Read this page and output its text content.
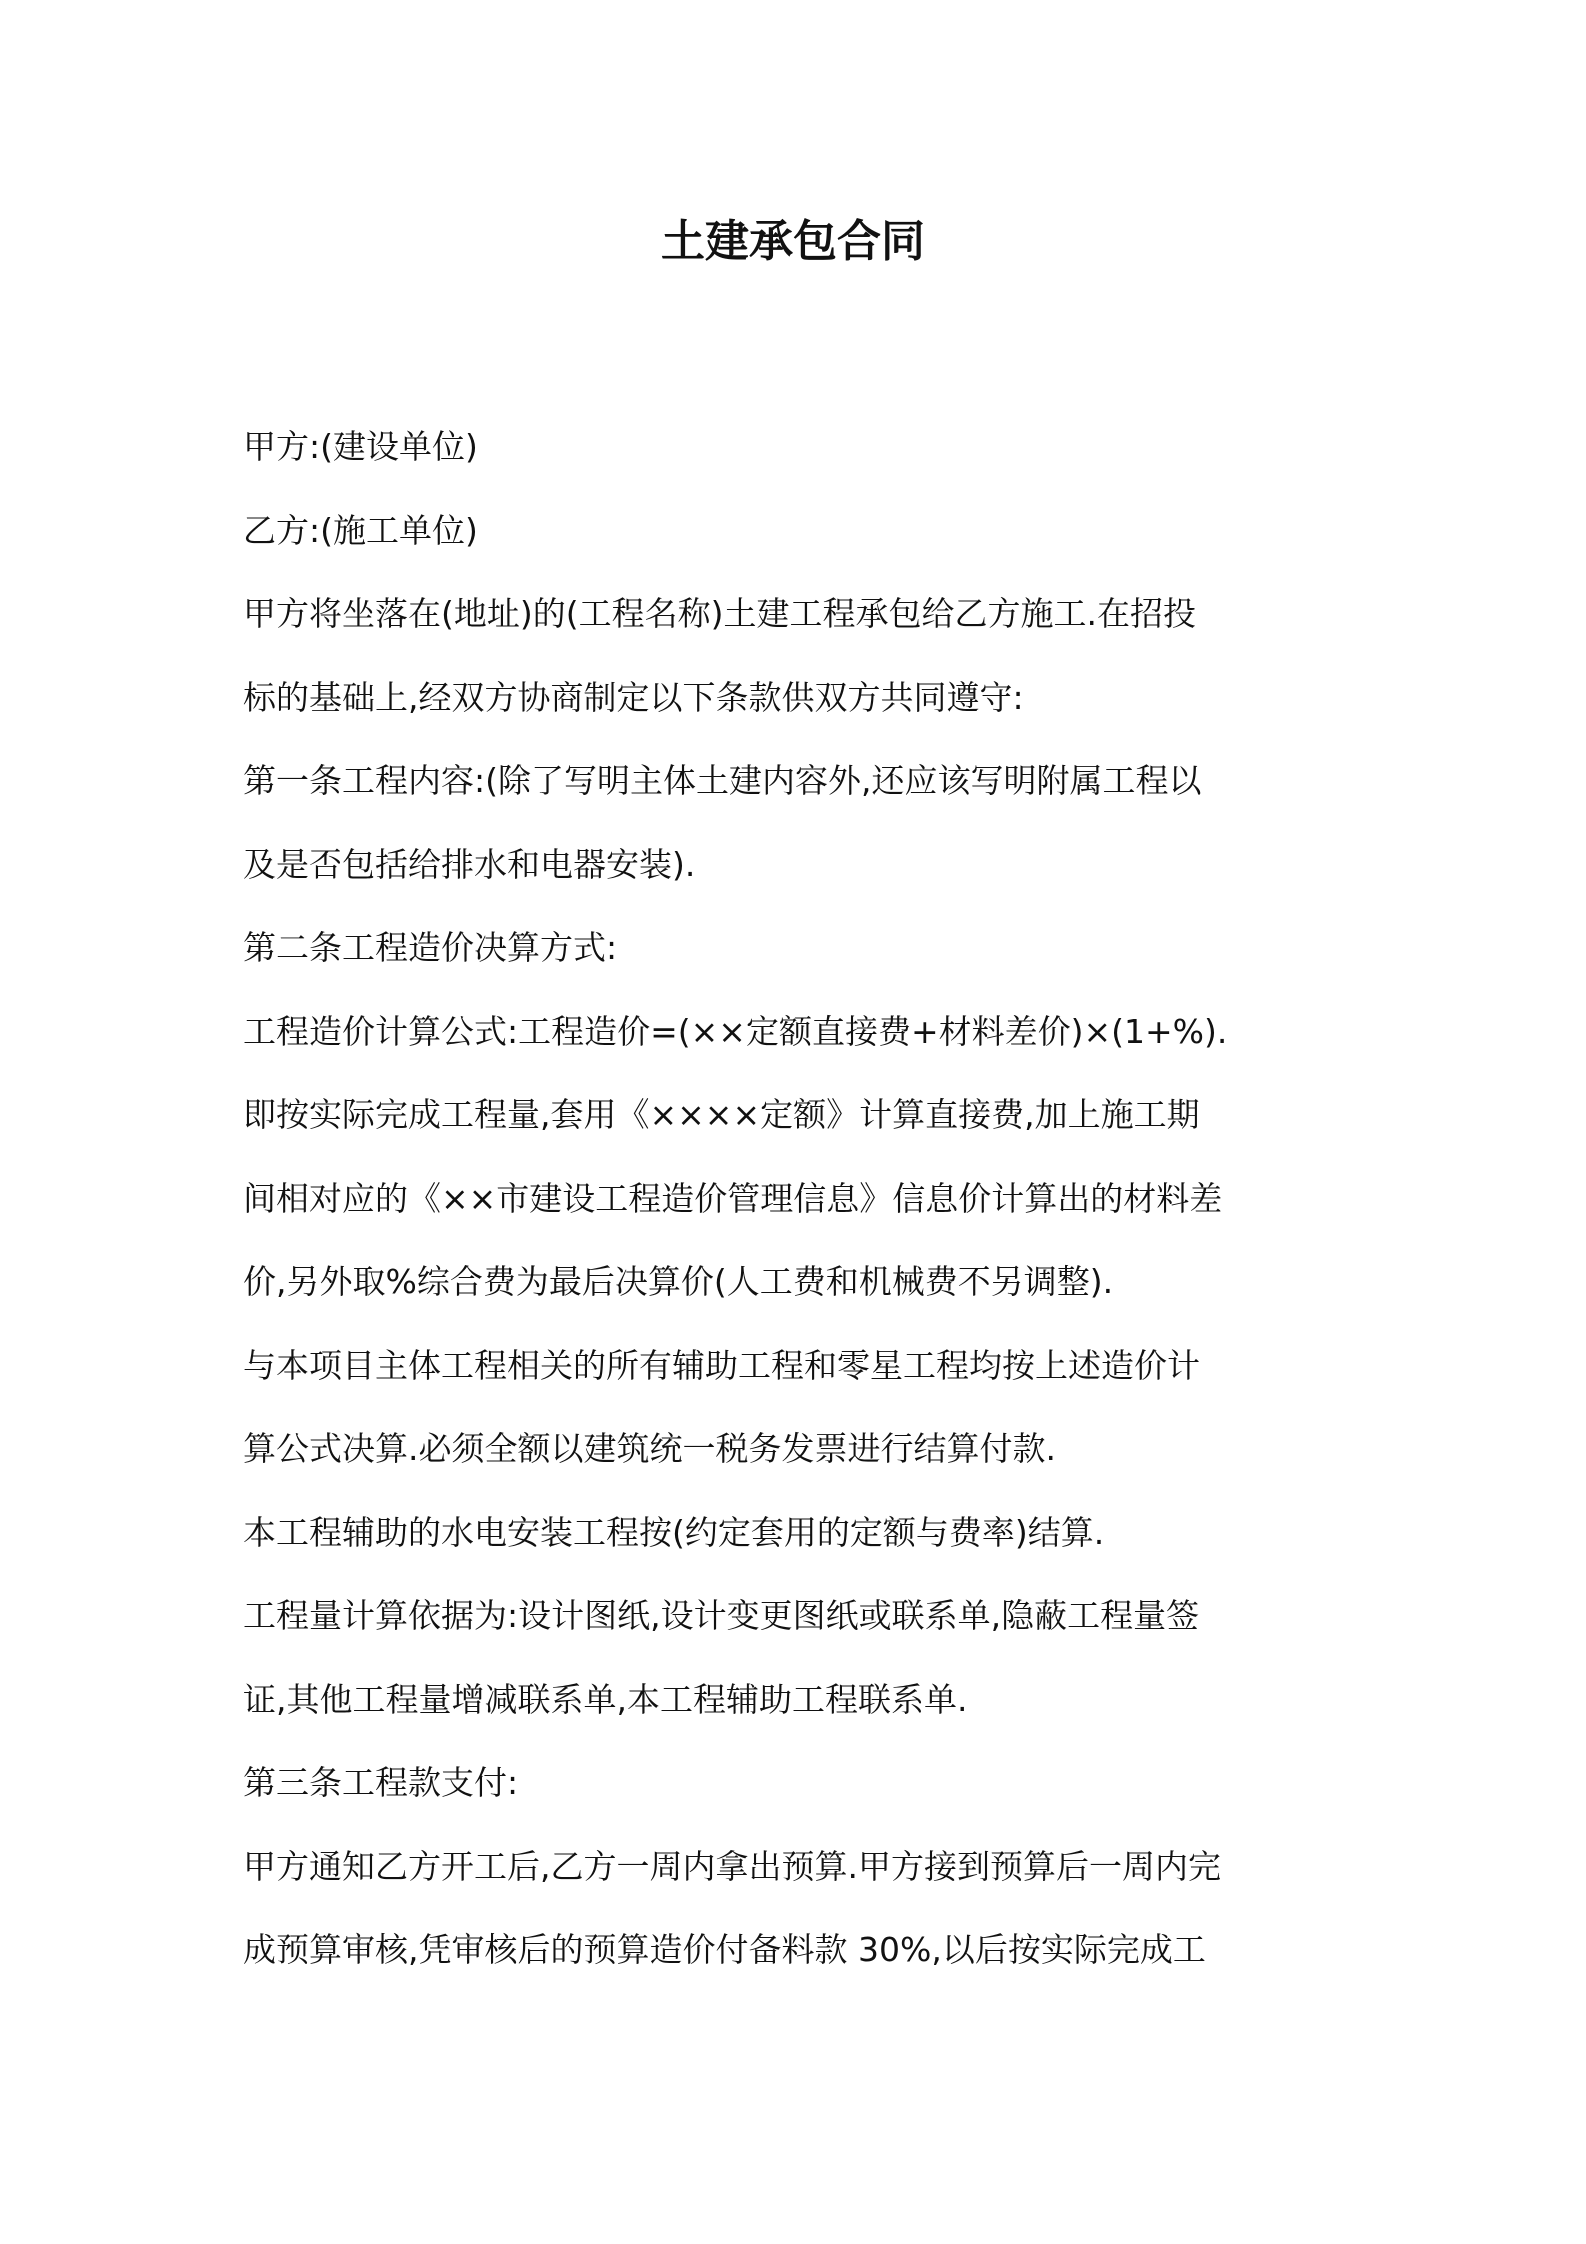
土建承包合同
甲方:(建设单位)
乙方:(施工单位)
甲方将坐落在(地址)的(工程名称)土建工程承包给乙方施工.在招投
标的基础上,经双方协商制定以下条款供双方共同遵守:
第一条工程内容:(除了写明主体土建内容外,还应该写明附属工程以
及是否包括给排水和电器安装).
第二条工程造价决算方式:
工程造价计算公式:工程造价=(××定额直接费+材料差价)×(1+%).
即按实际完成工程量,套用《××××定额》计算直接费,加上施工期
间相对应的《××市建设工程造价管理信息》信息价计算出的材料差
价,另外取%综合费为最后决算价(人工费和机械费不另调整).
与本项目主体工程相关的所有辅助工程和零星工程均按上述造价计
算公式决算.必须全额以建筑统一税务发票进行结算付款.
本工程辅助的水电安装工程按(约定套用的定额与费率)结算.
工程量计算依据为:设计图纸,设计变更图纸或联系单,隐蔽工程量签
证,其他工程量增减联系单,本工程辅助工程联系单.
第三条工程款支付:
甲方通知乙方开工后,乙方一周内拿出预算.甲方接到预算后一周内完
成预算审核,凭审核后的预算造价付备料款 30%,以后按实际完成工
